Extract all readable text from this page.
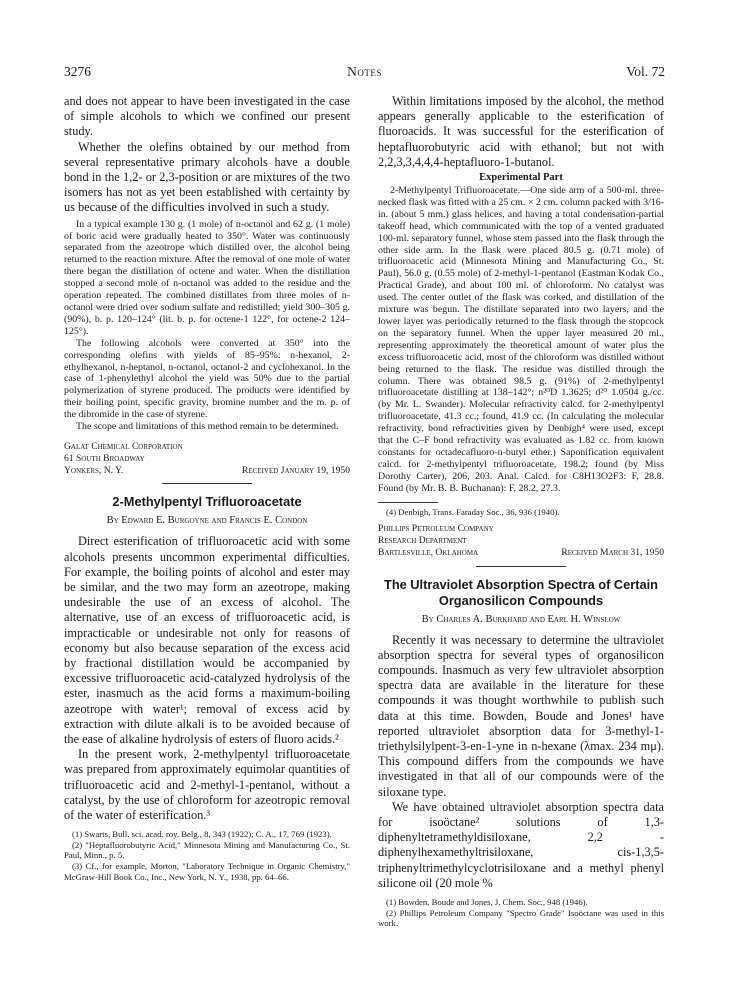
3276	Notes	Vol. 72

and does not appear to have been investigated in the case of simple alcohols to which we confined our present study.

Whether the olefins obtained by our method from several representative primary alcohols have a double bond in the 1,2- or 2,3-position or are mixtures of the two isomers has not as yet been established with certainty by us because of the difficulties involved in such a study.

In a typical example 130 g. (1 mole) of n-octanol and 62 g. (1 mole) of boric acid were gradually heated to 350°. Water was continuously separated from the azeotrope which distilled over, the alcohol being returned to the reaction mixture. After the removal of one mole of water there began the distillation of octene and water. When the distillation stopped a second mole of n-octanol was added to the residue and the operation repeated. The combined distillates from three moles of n-octanol were dried over sodium sulfate and redistilled; yield 300–305 g. (90%), b. p. 120–124° (lit. b. p. for octene-1 122°, for octene-2 124–125°).

The following alcohols were converted at 350° into the corresponding olefins with yields of 85–95%: n-hexanol, 2-ethylhexanol, n-heptanol, n-octanol, octanol-2 and cyclohexanol. In the case of 1-phenylethyl alcohol the yield was 50% due to the partial polymerization of styrene produced. The products were identified by their boiling point, specific gravity, bromine number and the m. p. of the dibromide in the case of styrene.

The scope and limitations of this method remain to be determined.

Galat Chemical Corporation
61 South Broadway
Yonkers, N. Y.	Received January 19, 1950
2-Methylpentyl Trifluoroacetate
By Edward E. Burgoyne and Francis E. Condon

Direct esterification of trifluoroacetic acid with some alcohols presents uncommon experimental difficulties. For example, the boiling points of alcohol and ester may be similar, and the two may form an azeotrope, making undesirable the use of an excess of alcohol. The alternative, use of an excess of trifluoroacetic acid, is impracticable or undesirable not only for reasons of economy but also because separation of the excess acid by fractional distillation would be accompanied by excessive trifluoroacetic acid-catalyzed hydrolysis of the ester, inasmuch as the acid forms a maximum-boiling azeotrope with water¹; removal of excess acid by extraction with dilute alkali is to be avoided because of the ease of alkaline hydrolysis of esters of fluoro acids.²

In the present work, 2-methylpentyl trifluoroacetate was prepared from approximately equimolar quantities of trifluoroacetic acid and 2-methyl-1-pentanol, without a catalyst, by the use of chloroform for azeotropic removal of the water of esterification.³

(1) Swarts, Bull. sci. acad. roy. Belg., 8, 343 (1922); C. A., 17, 769 (1923).

(2) "Heptafluorobutyric Acid," Minnesota Mining and Manufacturing Co., St. Paul, Minn., p. 5.

(3) Cf., for example, Morton, "Laboratory Technique in Organic Chemistry," McGraw-Hill Book Co., Inc., New York, N. Y., 1938, pp. 64–66.

Within limitations imposed by the alcohol, the method appears generally applicable to the esterification of fluoroacids. It was successful for the esterification of heptafluorobutyric acid with ethanol; but not with 2,2,3,3,4,4,4-heptafluoro-1-butanol.

Experimental Part

2-Methylpentyl Trifluoroacetate.—One side arm of a 500-ml. three-necked flask was fitted with a 25 cm. × 2 cm. column packed with 3/16-in. (about 5 mm.) glass helices, and having a total condensation-partial takeoff head, which communicated with the top of a vented graduated 100-ml. separatory funnel, whose stem passed into the flask through the other side arm. In the flask were placed 80.5 g. (0.71 mole) of trifluoroacetic acid (Minnesota Mining and Manufacturing Co., St. Paul), 56.0 g. (0.55 mole) of 2-methyl-1-pentanol (Eastman Kodak Co., Practical Grade), and about 100 ml. of chloroform. No catalyst was used. The center outlet of the flask was corked, and distillation of the mixture was begun. The distillate separated into two layers, and the lower layer was periodically returned to the flask through the stopcock on the separatory funnel. When the upper layer measured 20 ml., representing approximately the theoretical amount of water plus the excess trifluoroacetic acid, most of the chloroform was distilled without being returned to the flask. The residue was distilled through the column. There was obtained 98.5 g. (91%) of 2-methylpentyl trifluoroacetate distilling at 138–142°; n²⁰D 1.3625; d²⁰ 1.0504 g./cc. (by Mr. L. Swander). Molecular refractivity calcd. for 2-methylpentyl trifluoroacetate, 41.3 cc.; found, 41.9 cc. (In calculating the molecular refractivity, bond refractivities given by Denbigh⁴ were used, except that the C–F bond refractivity was evaluated as 1.82 cc. from known constants for octadecafluoro-n-butyl ether.) Saponification equivalent calcd. for 2-methylpentyl trifluoroacetate, 198.2; found (by Miss Dorothy Carter), 206, 203. Anal. Calcd. for C8H13O2F3: F, 28.8. Found (by Mr. B. B. Buchanan): F, 28.2, 27.3.

(4) Denbigh, Trans. Faraday Soc., 36, 936 (1940).

Phillips Petroleum Company
Research Department
Bartlesville, Oklahoma	Received March 31, 1950
The Ultraviolet Absorption Spectra of Certain Organosilicon Compounds
By Charles A. Burkhard and Earl H. Winslow

Recently it was necessary to determine the ultraviolet absorption spectra for several types of organosilicon compounds. Inasmuch as very few ultraviolet absorption spectra data are available in the literature for these compounds it was thought worthwhile to publish such data at this time. Bowden, Boude and Jones¹ have reported ultraviolet absorption data for 3-methyl-1-triethylsilylpent-3-en-1-yne in n-hexane (λmax. 234 mμ). This compound differs from the compounds we have investigated in that all of our compounds were of the siloxane type.

We have obtained ultraviolet absorption spectra data for isoöctane² solutions of 1,3-diphenyltetramethyldisiloxane, 2,2 - diphenylhexamethyltrisiloxane, cis-1,3,5-triphenyltrimethylcyclotrisiloxane and a methyl phenyl silicone oil (20 mole %

(1) Bowden, Boude and Jones, J. Chem. Soc., 948 (1946).

(2) Phillips Petroleum Company "Spectro Grade" Isoöctane was used in this work.
